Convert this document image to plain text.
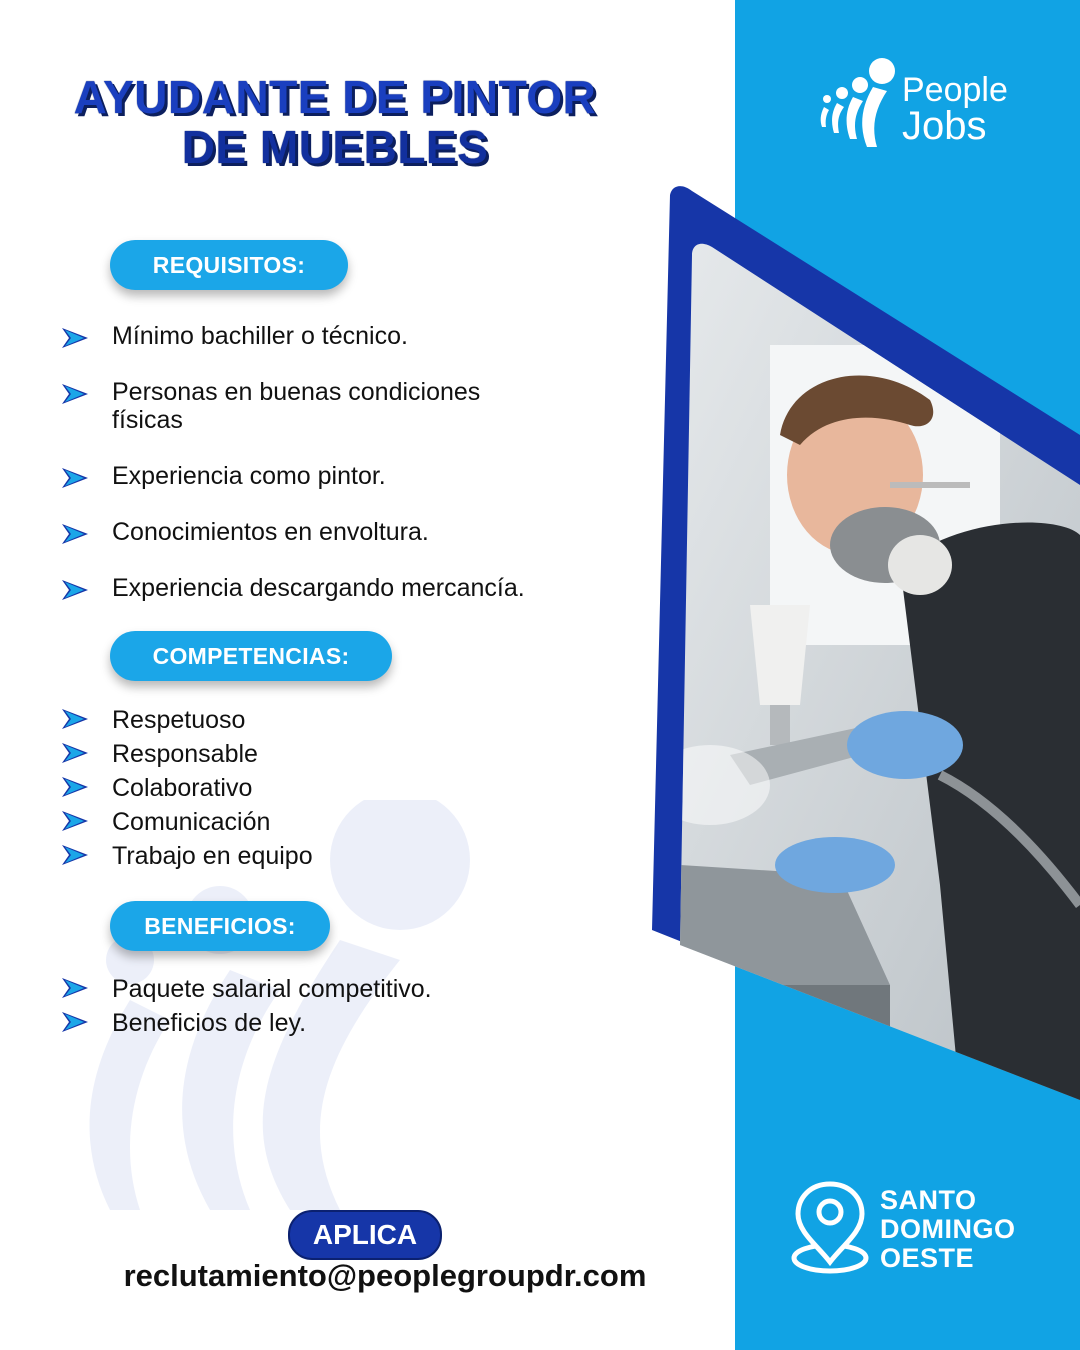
AYUDANTE DE PINTOR
DE MUEBLES
People
Jobs
REQUISITOS:
Mínimo bachiller o técnico.
Personas en buenas condiciones físicas
Experiencia como pintor.
Conocimientos en envoltura.
Experiencia descargando mercancía.
COMPETENCIAS:
Respetuoso
Responsable
Colaborativo
Comunicación
Trabajo en equipo
BENEFICIOS:
Paquete salarial competitivo.
Beneficios de ley.
SANTO
DOMINGO
OESTE
APLICA
reclutamiento@peoplegroupdr.com
